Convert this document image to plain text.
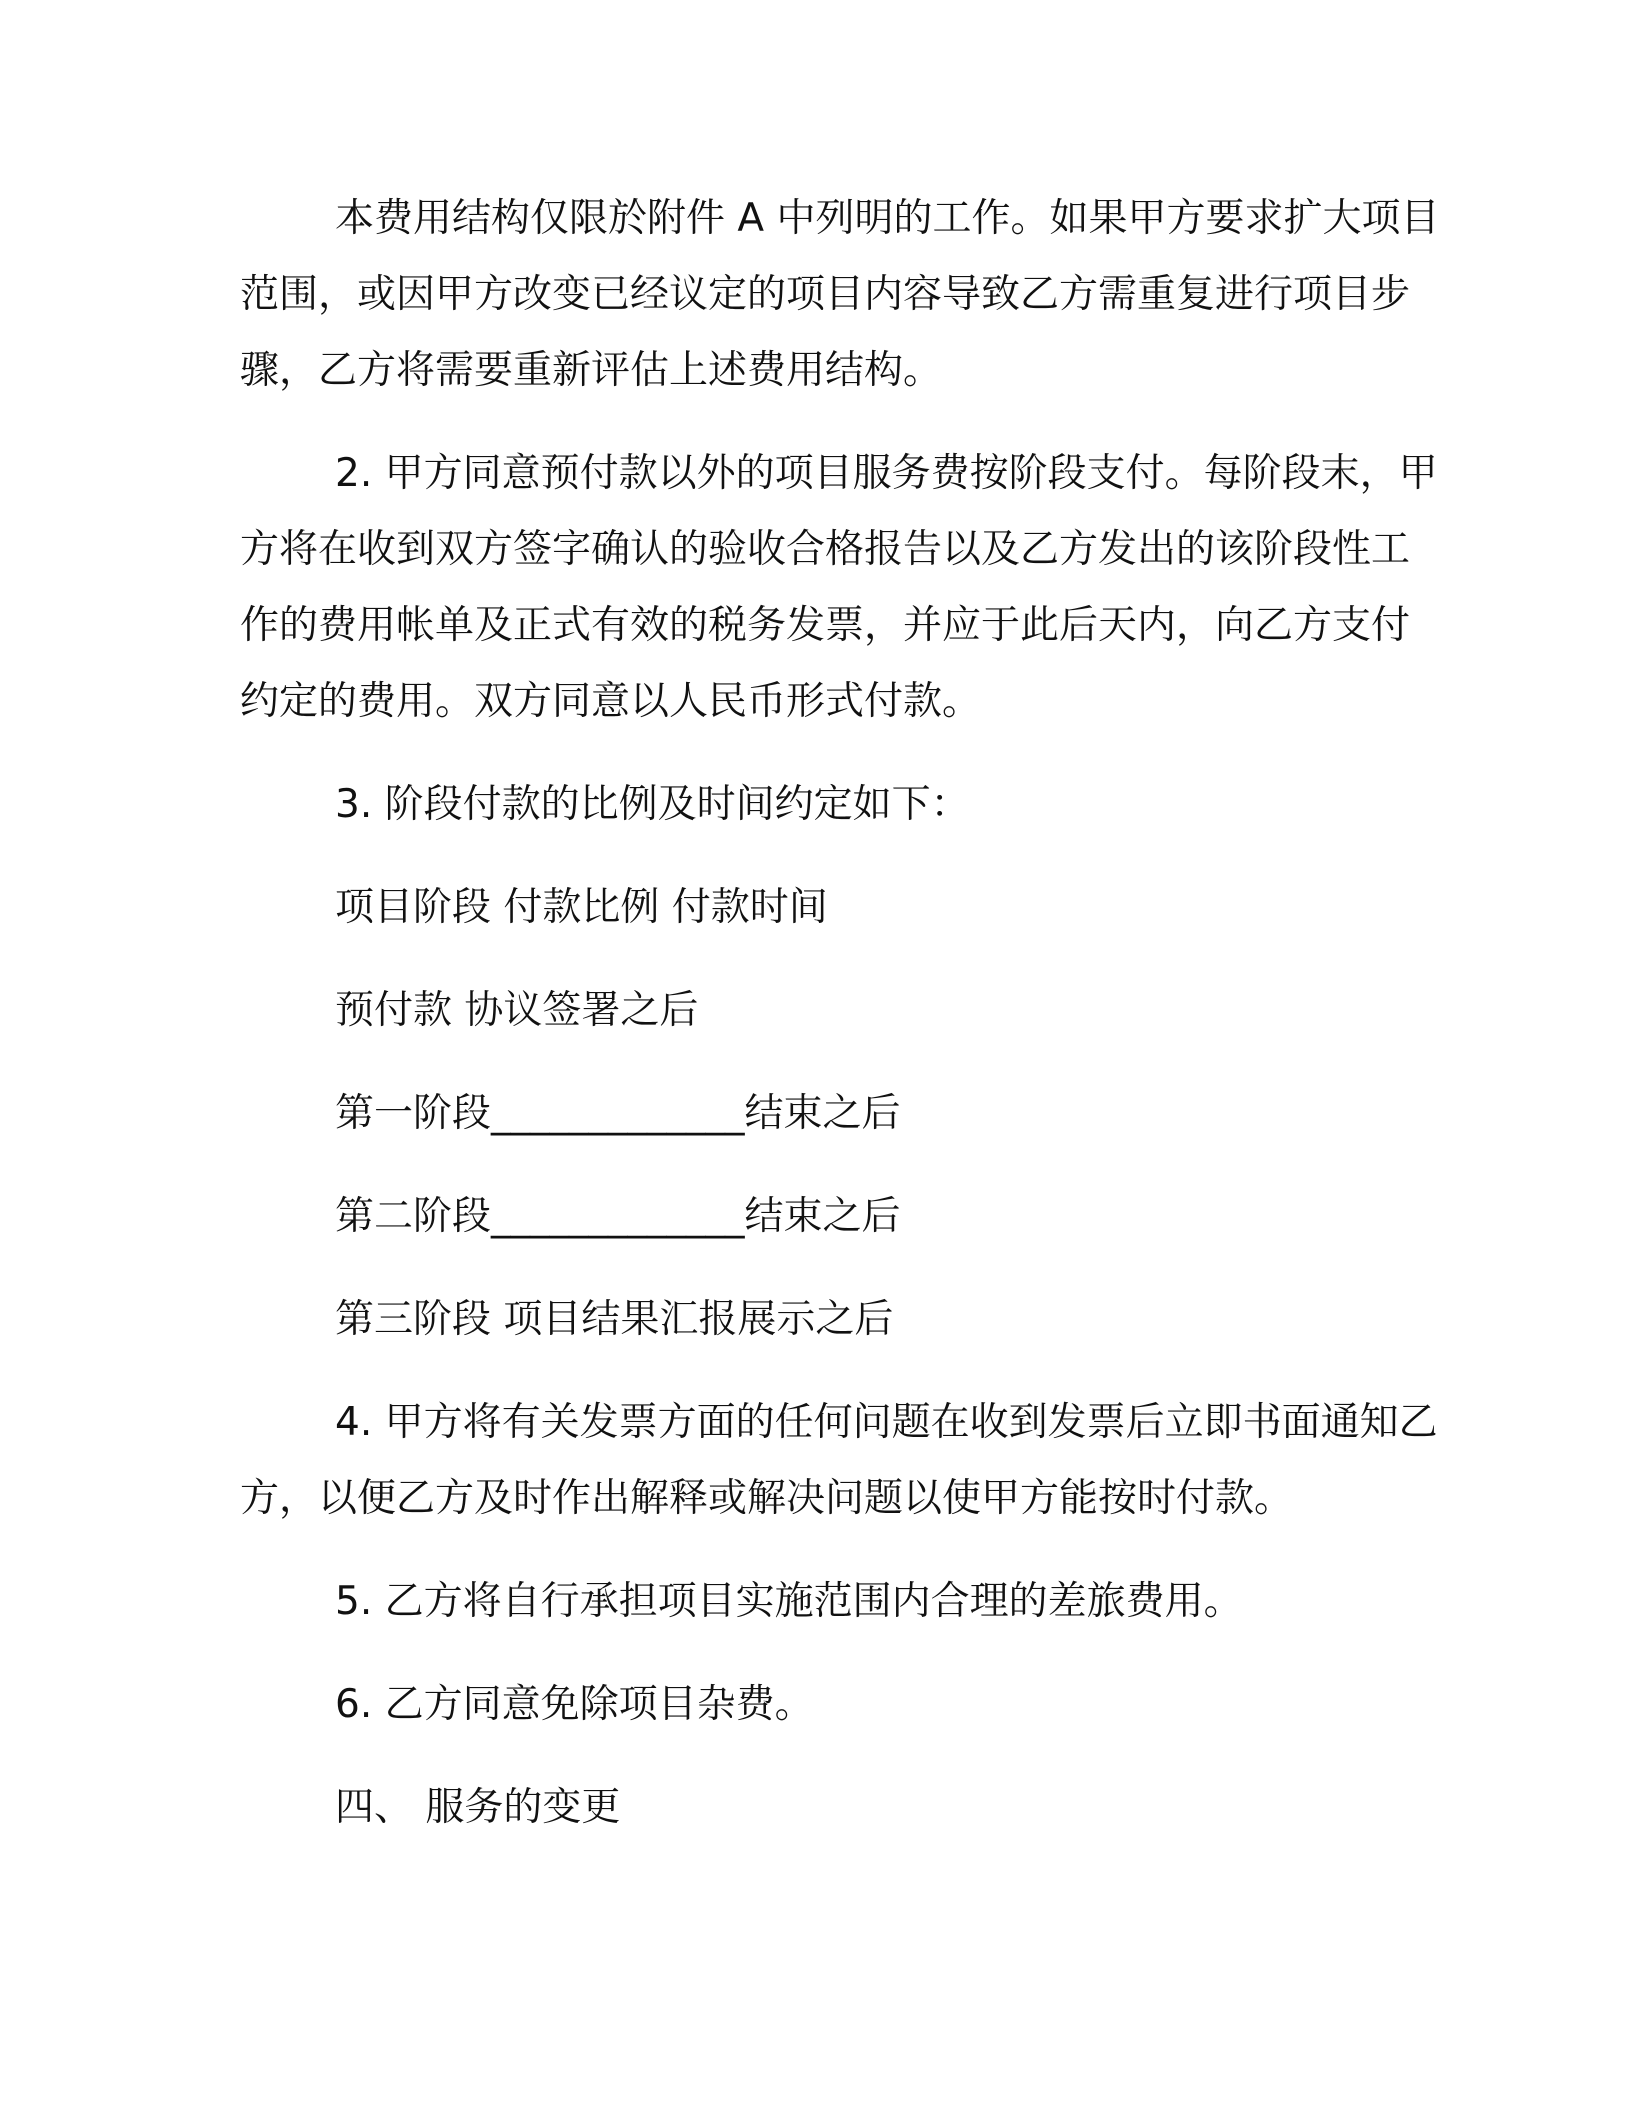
本费用结构仅限於附件 A 中列明的工作。如果甲方要求扩大项目
范围，或因甲方改变已经议定的项目内容导致乙方需重复进行项目步
骤，乙方将需要重新评估上述费用结构。
2. 甲方同意预付款以外的项目服务费按阶段支付。每阶段末，甲
方将在收到双方签字确认的验收合格报告以及乙方发出的该阶段性工
作的费用帐单及正式有效的税务发票，并应于此后天内，向乙方支付
约定的费用。双方同意以人民币形式付款。
3. 阶段付款的比例及时间约定如下：
项目阶段 付款比例 付款时间
预付款 协议签署之后
第一阶段_____________结束之后
第二阶段_____________结束之后
第三阶段 项目结果汇报展示之后
4. 甲方将有关发票方面的任何问题在收到发票后立即书面通知乙
方，以便乙方及时作出解释或解决问题以使甲方能按时付款。
5. 乙方将自行承担项目实施范围内合理的差旅费用。
6. 乙方同意免除项目杂费。
四、 服务的变更
